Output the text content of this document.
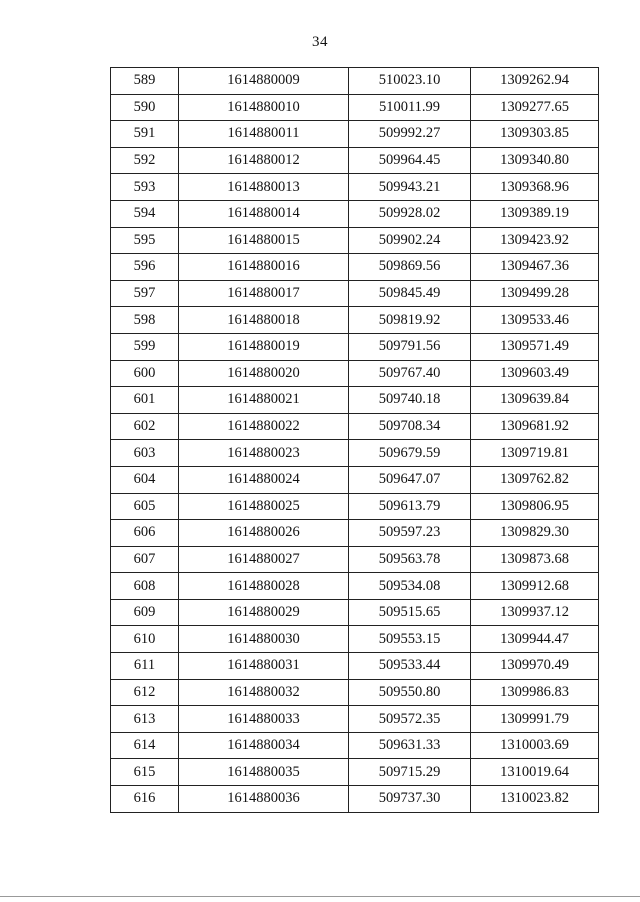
34
589	1614880009	510023.10	1309262.94
590	1614880010	510011.99	1309277.65
591	1614880011	509992.27	1309303.85
592	1614880012	509964.45	1309340.80
593	1614880013	509943.21	1309368.96
594	1614880014	509928.02	1309389.19
595	1614880015	509902.24	1309423.92
596	1614880016	509869.56	1309467.36
597	1614880017	509845.49	1309499.28
598	1614880018	509819.92	1309533.46
599	1614880019	509791.56	1309571.49
600	1614880020	509767.40	1309603.49
601	1614880021	509740.18	1309639.84
602	1614880022	509708.34	1309681.92
603	1614880023	509679.59	1309719.81
604	1614880024	509647.07	1309762.82
605	1614880025	509613.79	1309806.95
606	1614880026	509597.23	1309829.30
607	1614880027	509563.78	1309873.68
608	1614880028	509534.08	1309912.68
609	1614880029	509515.65	1309937.12
610	1614880030	509553.15	1309944.47
611	1614880031	509533.44	1309970.49
612	1614880032	509550.80	1309986.83
613	1614880033	509572.35	1309991.79
614	1614880034	509631.33	1310003.69
615	1614880035	509715.29	1310019.64
616	1614880036	509737.30	1310023.82
